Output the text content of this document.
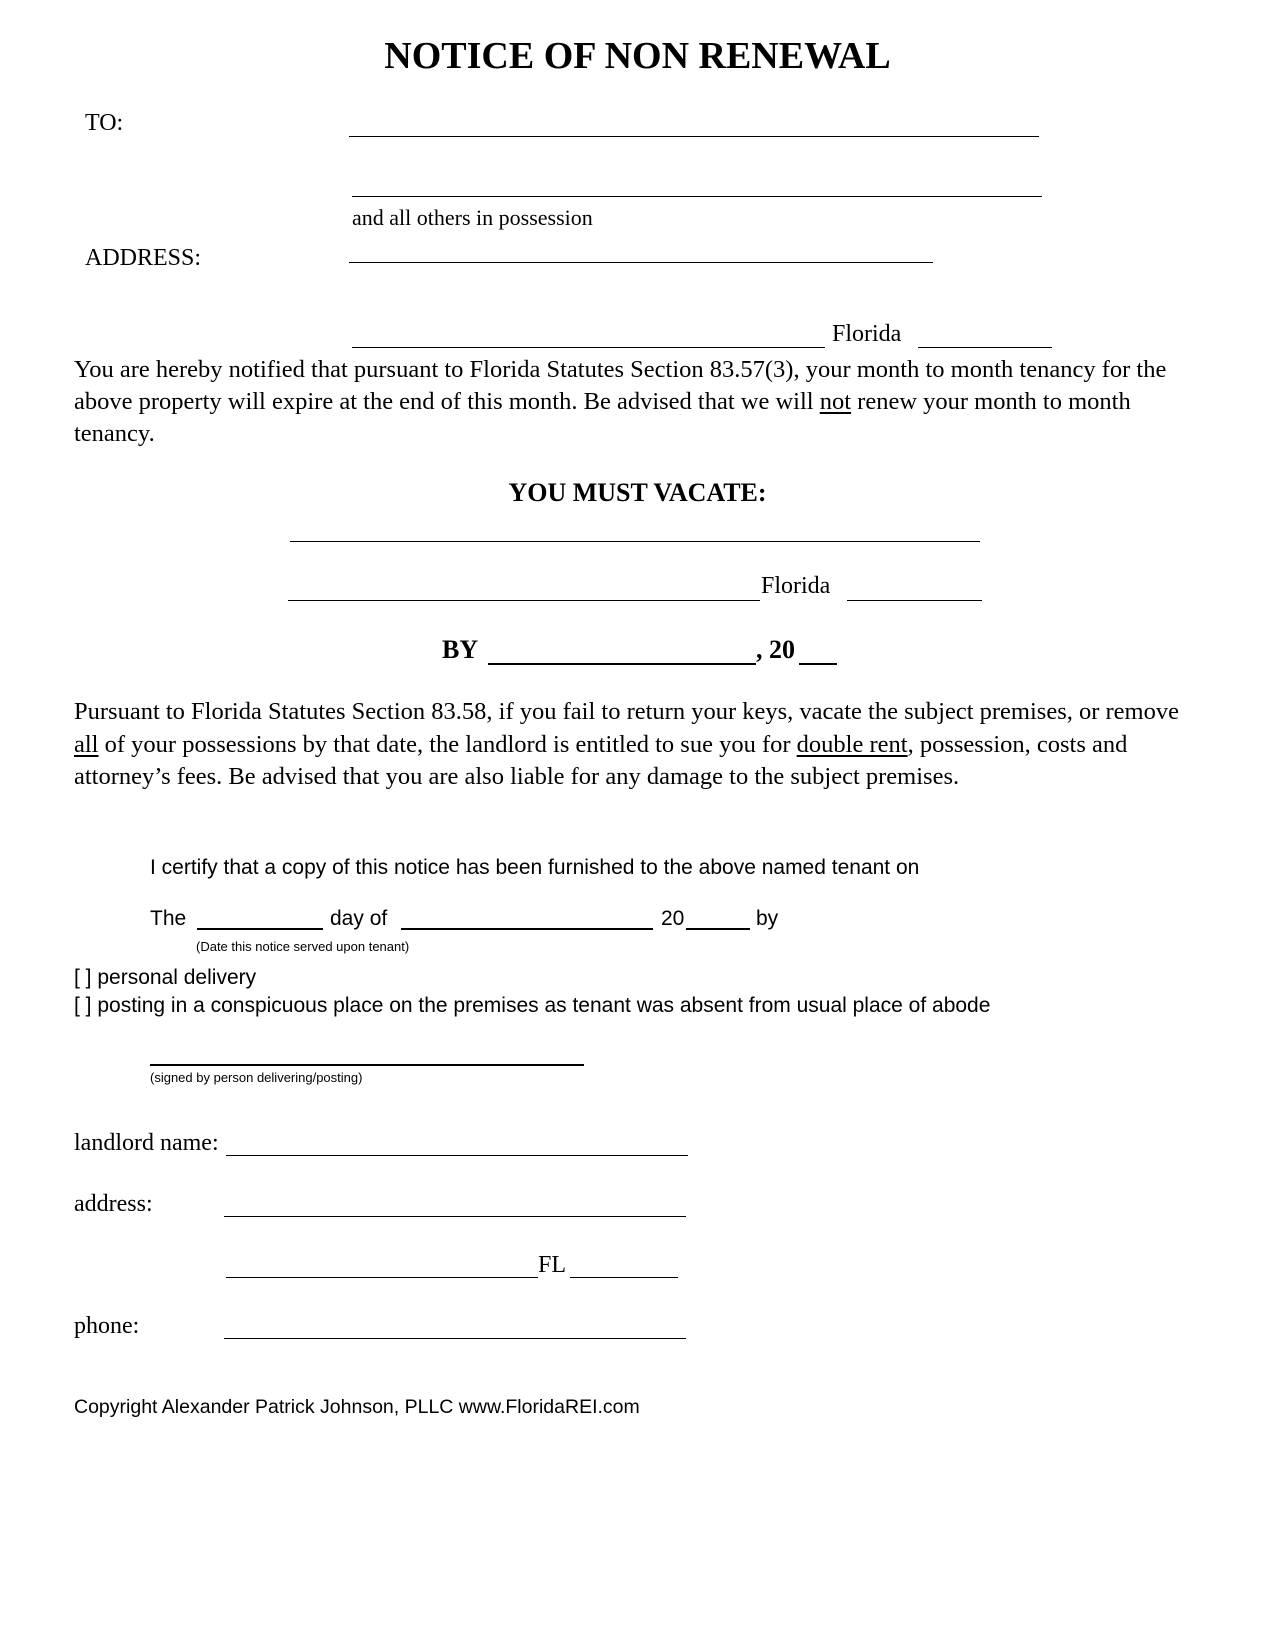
NOTICE OF NON RENEWAL
TO:
and all others in possession
ADDRESS:
Florida
You are hereby notified that pursuant to Florida Statutes Section 83.57(3), your month to month tenancy for the above property will expire at the end of this month. Be advised that we will not renew your month to month tenancy.
YOU MUST VACATE:
Florida
BY	, 20
Pursuant to Florida Statutes Section 83.58, if you fail to return your keys, vacate the subject premises, or remove all of your possessions by that date, the landlord is entitled to sue you for double rent, possession, costs and attorney’s fees. Be advised that you are also liable for any damage to the subject premises.
I certify that a copy of this notice has been furnished to the above named tenant on
The	day of	20	by
(Date this notice served upon tenant)
[ ] personal delivery
[ ] posting in a conspicuous place on the premises as tenant was absent from usual place of abode
(signed by person delivering/posting)
landlord name:
address:
FL
phone:
Copyright Alexander Patrick Johnson, PLLC www.FloridaREI.com
